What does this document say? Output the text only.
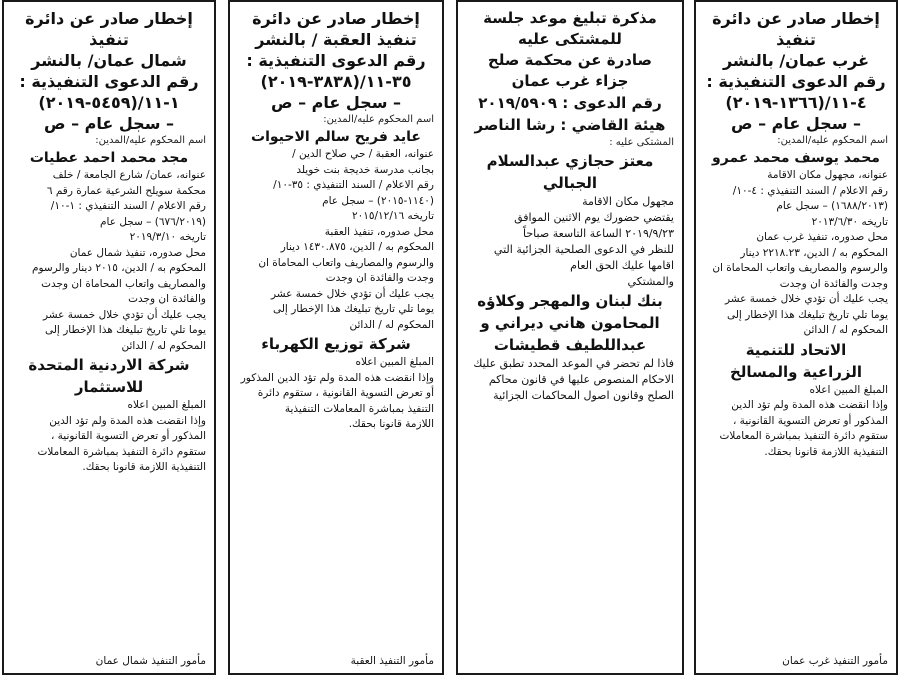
إخطار صادر عن دائرة تنفيذ
غرب عمان/ بالنشر
رقم الدعوى التنفيذية :
٤-١١/(١٣٦٦-٢٠١٩)
– سجل عام – ص
اسم المحكوم عليه/المدين:
محمد يوسف محمد عمرو
عنوانه، مجهول مكان الاقامة
رقم الاعلام / السند التنفيذي : ٤-١٠/
(١٦٨٨/٢٠١٣) – سجل عام
تاريخه ٢٠١٣/٦/٣٠
محل صدوره، تنفيذ غرب عمان
المحكوم به / الدين، ٢٢١٨.٢٣ دينار
والرسوم والمصاريف واتعاب المحاماة ان
وجدت والفائدة ان وجدت
يجب عليك أن تؤدي خلال خمسة عشر
يوما تلي تاريخ تبليغك هذا الإخطار إلى
المحكوم له / الدائن
الاتحاد للتنمية
الزراعية والمسالخ
المبلغ المبين اعلاه
وإذا انقضت هذه المدة ولم تؤد الدين
المذكور أو تعرض التسوية القانونية ،
ستقوم دائرة التنفيذ بمباشرة المعاملات
التنفيذية اللازمة قانونا بحقك.
مأمور التنفيذ غرب عمان
مذكرة تبليغ موعد جلسة
للمشتكى عليه
صادرة عن محكمة صلح
جزاء غرب عمان
رقم الدعوى : ٢٠١٩/٥٩٠٩
هيئة القاضي : رشا الناصر
المشتكى عليه :
معتز حجازي عبدالسلام
الجبالي
مجهول مكان الاقامة
يقتضي حضورك يوم الاثنين الموافق
٢٠١٩/٩/٢٣ الساعة التاسعة صباحاً
للنظر في الدعوى الصلحية الجزائية التي
اقامها عليك الحق العام
والمشتكي
بنك لبنان والمهجر وكلاؤه
المحامون هاني ديراني و
عبداللطيف قطيشات
فاذا لم تحضر في الموعد المحدد تطبق عليك
الاحكام المنصوص عليها في قانون محاكم
الصلح وقانون اصول المحاكمات الجزائية
إخطار صادر عن دائرة
تنفيذ العقبة / بالنشر
رقم الدعوى التنفيذية :
٣٥-١١/(٣٨٣٨-٢٠١٩)
– سجل عام – ص
اسم المحكوم عليه/المدين:
عايد فريح سالم الاحيوات
عنوانه، العقبة / حي صلاح الدين /
بجانب مدرسة خديجة بنت خويلد
رقم الاعلام / السند التنفيذي : ٣٥-١٠/
(١١٤٠-٢٠١٥) – سجل عام
تاريخه ٢٠١٥/١٢/١٦
محل صدوره، تنفيذ العقبة
المحكوم به / الدين، ١٤٣٠.٨٧٥ دينار
والرسوم والمصاريف واتعاب المحاماة ان
وجدت والفائدة ان وجدت
يجب عليك أن تؤدي خلال خمسة عشر
يوما تلي تاريخ تبليغك هذا الإخطار إلى
المحكوم له / الدائن
شركة توزيع الكهرباء
المبلغ المبين اعلاه
وإذا انقضت هذه المدة ولم تؤد الدين المذكور
أو تعرض التسوية القانونية ، ستقوم دائرة
التنفيذ بمباشرة المعاملات التنفيذية
اللازمة قانونا بحقك.
مأمور التنفيذ العقبة
إخطار صادر عن دائرة تنفيذ
شمال عمان/ بالنشر
رقم الدعوى التنفيذية :
١-١١/(٥٤٥٩-٢٠١٩)
– سجل عام – ص
اسم المحكوم عليه/المدين:
مجد محمد احمد عطيات
عنوانه، عمان/ شارع الجامعة / خلف
محكمة سويلح الشرعية عمارة رقم ٦
رقم الاعلام / السند التنفيذي : ١-١٠/
(٦٧٦/٢٠١٩) – سجل عام
تاريخه ٢٠١٩/٣/١٠
محل صدوره، تنفيذ شمال عمان
المحكوم به / الدين، ٢٠١٥ دينار والرسوم
والمصاريف واتعاب المحاماة ان وجدت
والفائدة ان وجدت
يجب عليك أن تؤدي خلال خمسة عشر
يوما تلي تاريخ تبليغك هذا الإخطار إلى
المحكوم له / الدائن
شركة الاردنية المتحدة
للاستثمار
المبلغ المبين اعلاه
وإذا انقضت هذه المدة ولم تؤد الدين
المذكور أو تعرض التسوية القانونية ،
ستقوم دائرة التنفيذ بمباشرة المعاملات
التنفيذية اللازمة قانونا بحقك.
مأمور التنفيذ شمال عمان
